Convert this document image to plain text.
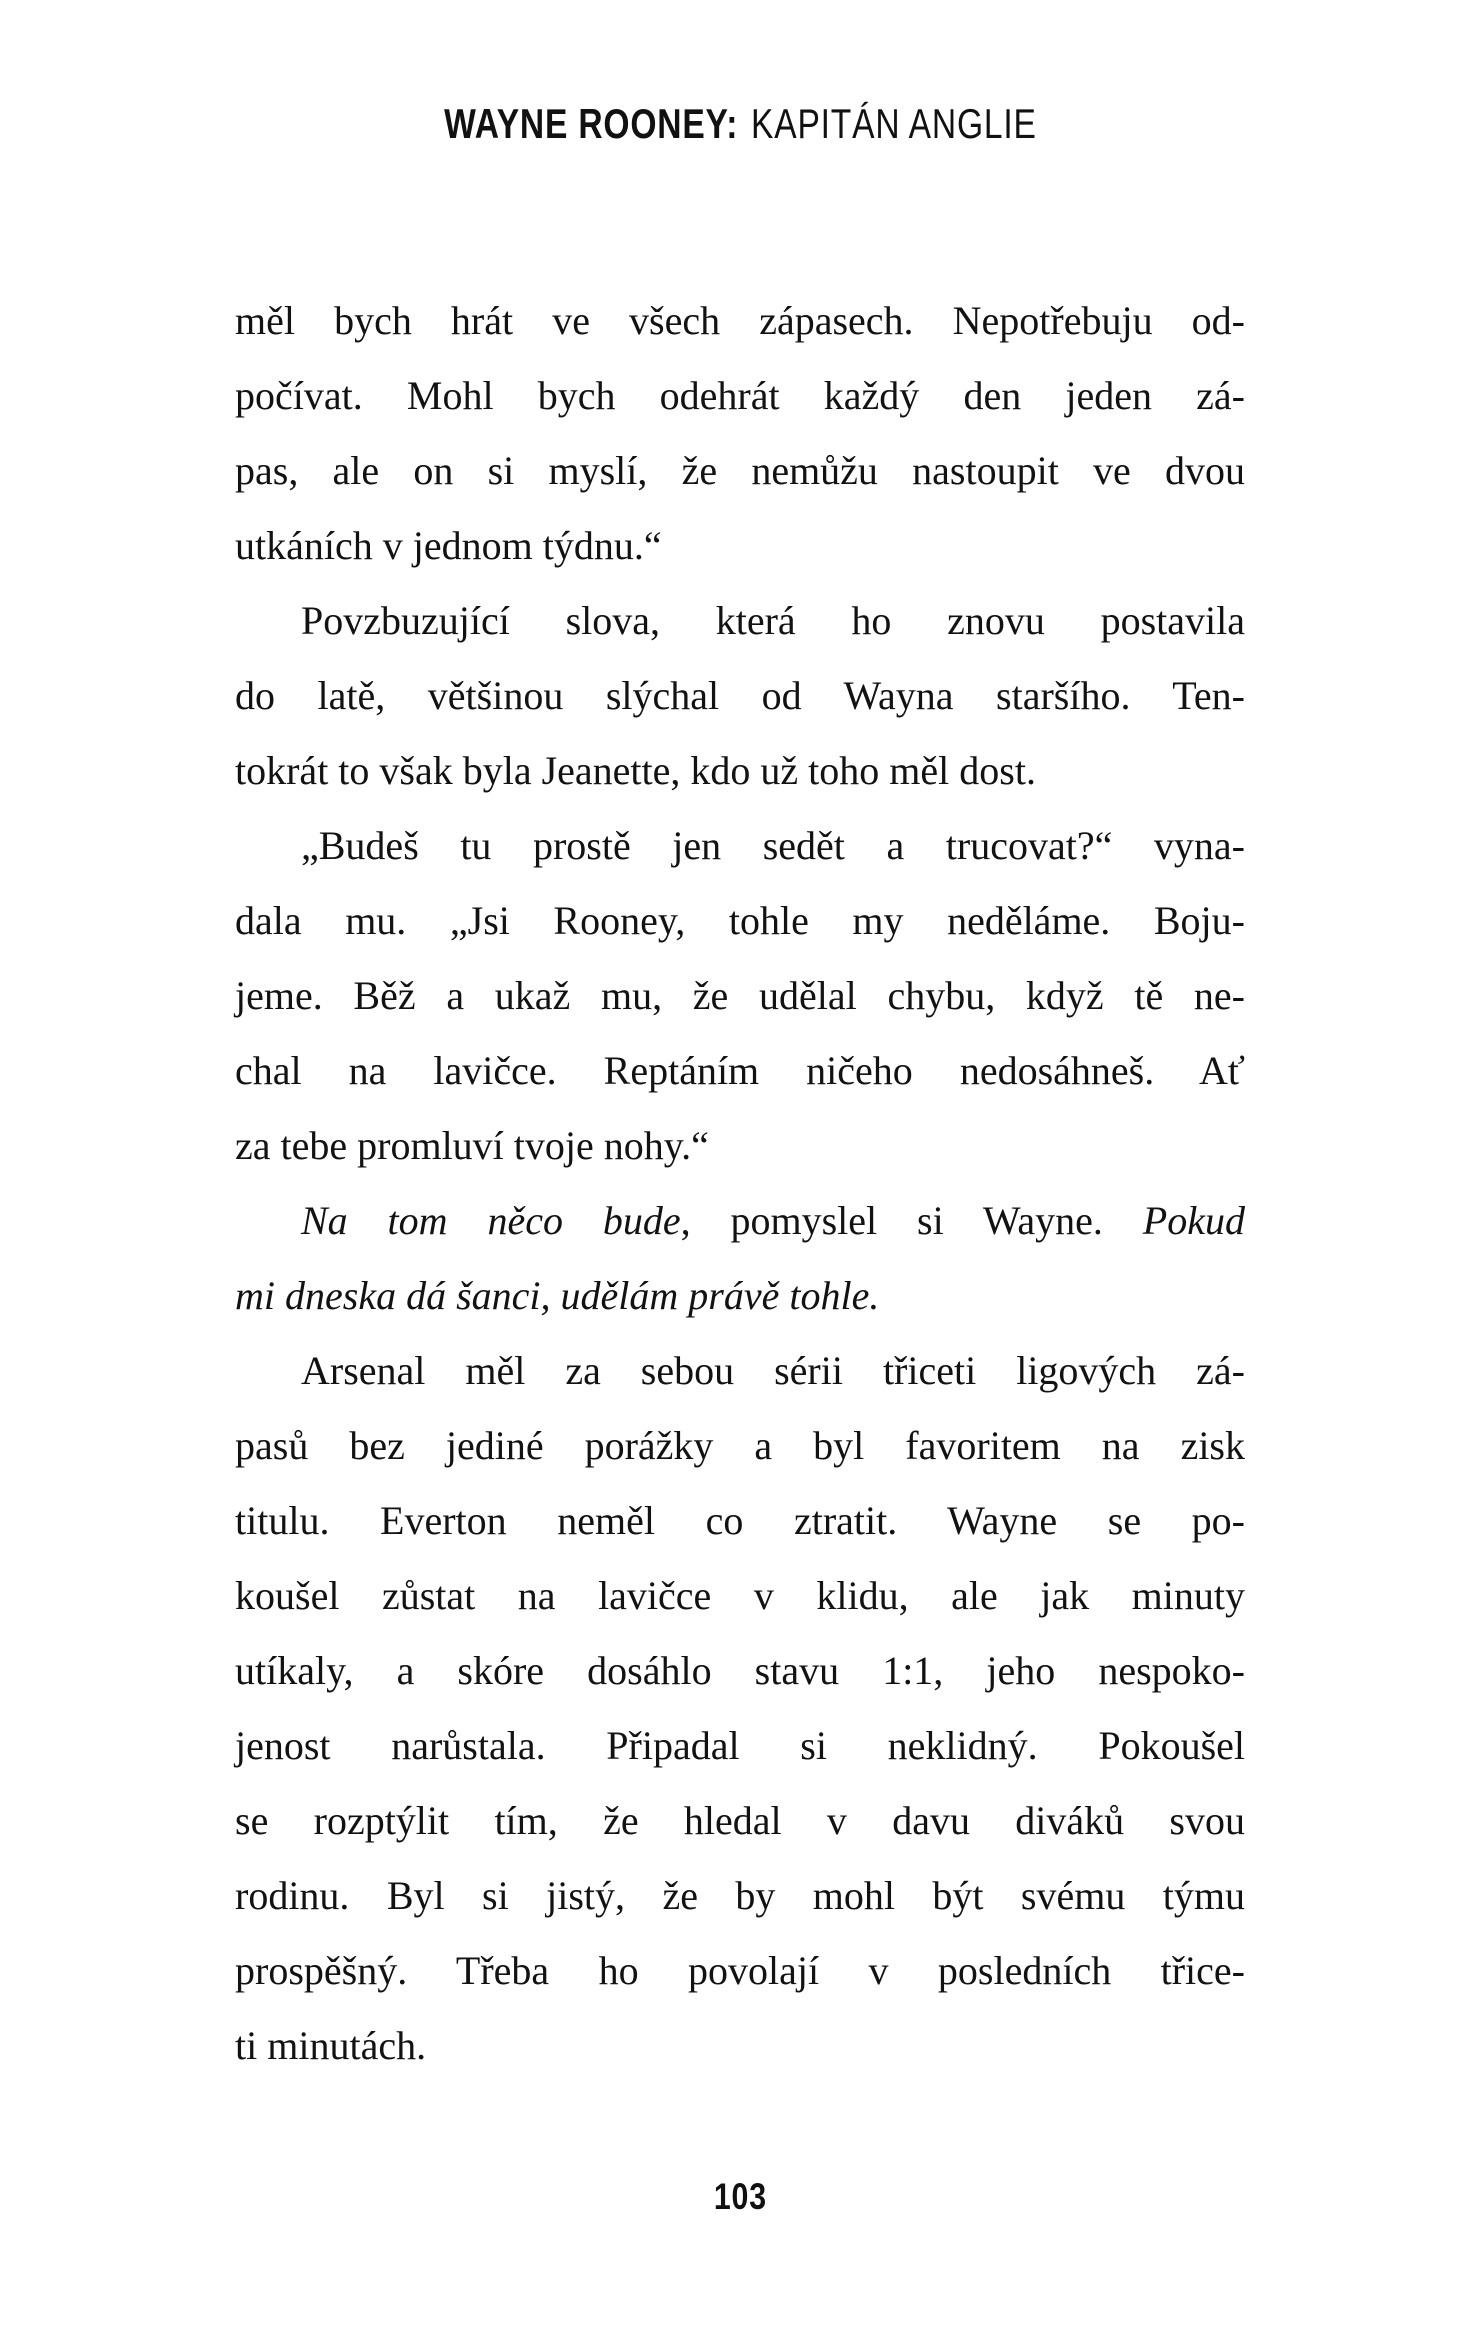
WAYNE ROONEY: KAPITÁN ANGLIE
měl bych hrát ve všech zápasech. Nepotřebuju od-
počívat. Mohl bych odehrát každý den jeden zá-
pas, ale on si myslí, že nemůžu nastoupit ve dvou
utkáních v jednom týdnu.“
Povzbuzující slova, která ho znovu postavila
do latě, většinou slýchal od Wayna staršího. Ten-
tokrát to však byla Jeanette, kdo už toho měl dost.
„Budeš tu prostě jen sedět a trucovat?“ vyna-
dala mu. „Jsi Rooney, tohle my neděláme. Boju-
jeme. Běž a ukaž mu, že udělal chybu, když tě ne-
chal na lavičce. Reptáním ničeho nedosáhneš. Ať
za tebe promluví tvoje nohy.“
Na tom něco bude, pomyslel si Wayne. Pokud
mi dneska dá šanci, udělám právě tohle.
Arsenal měl za sebou sérii třiceti ligových zá-
pasů bez jediné porážky a byl favoritem na zisk
titulu. Everton neměl co ztratit. Wayne se po-
koušel zůstat na lavičce v klidu, ale jak minuty
utíkaly, a skóre dosáhlo stavu 1:1, jeho nespoko-
jenost narůstala. Připadal si neklidný. Pokoušel
se rozptýlit tím, že hledal v davu diváků svou
rodinu. Byl si jistý, že by mohl být svému týmu
prospěšný. Třeba ho povolají v posledních třice-
ti minutách.
103
